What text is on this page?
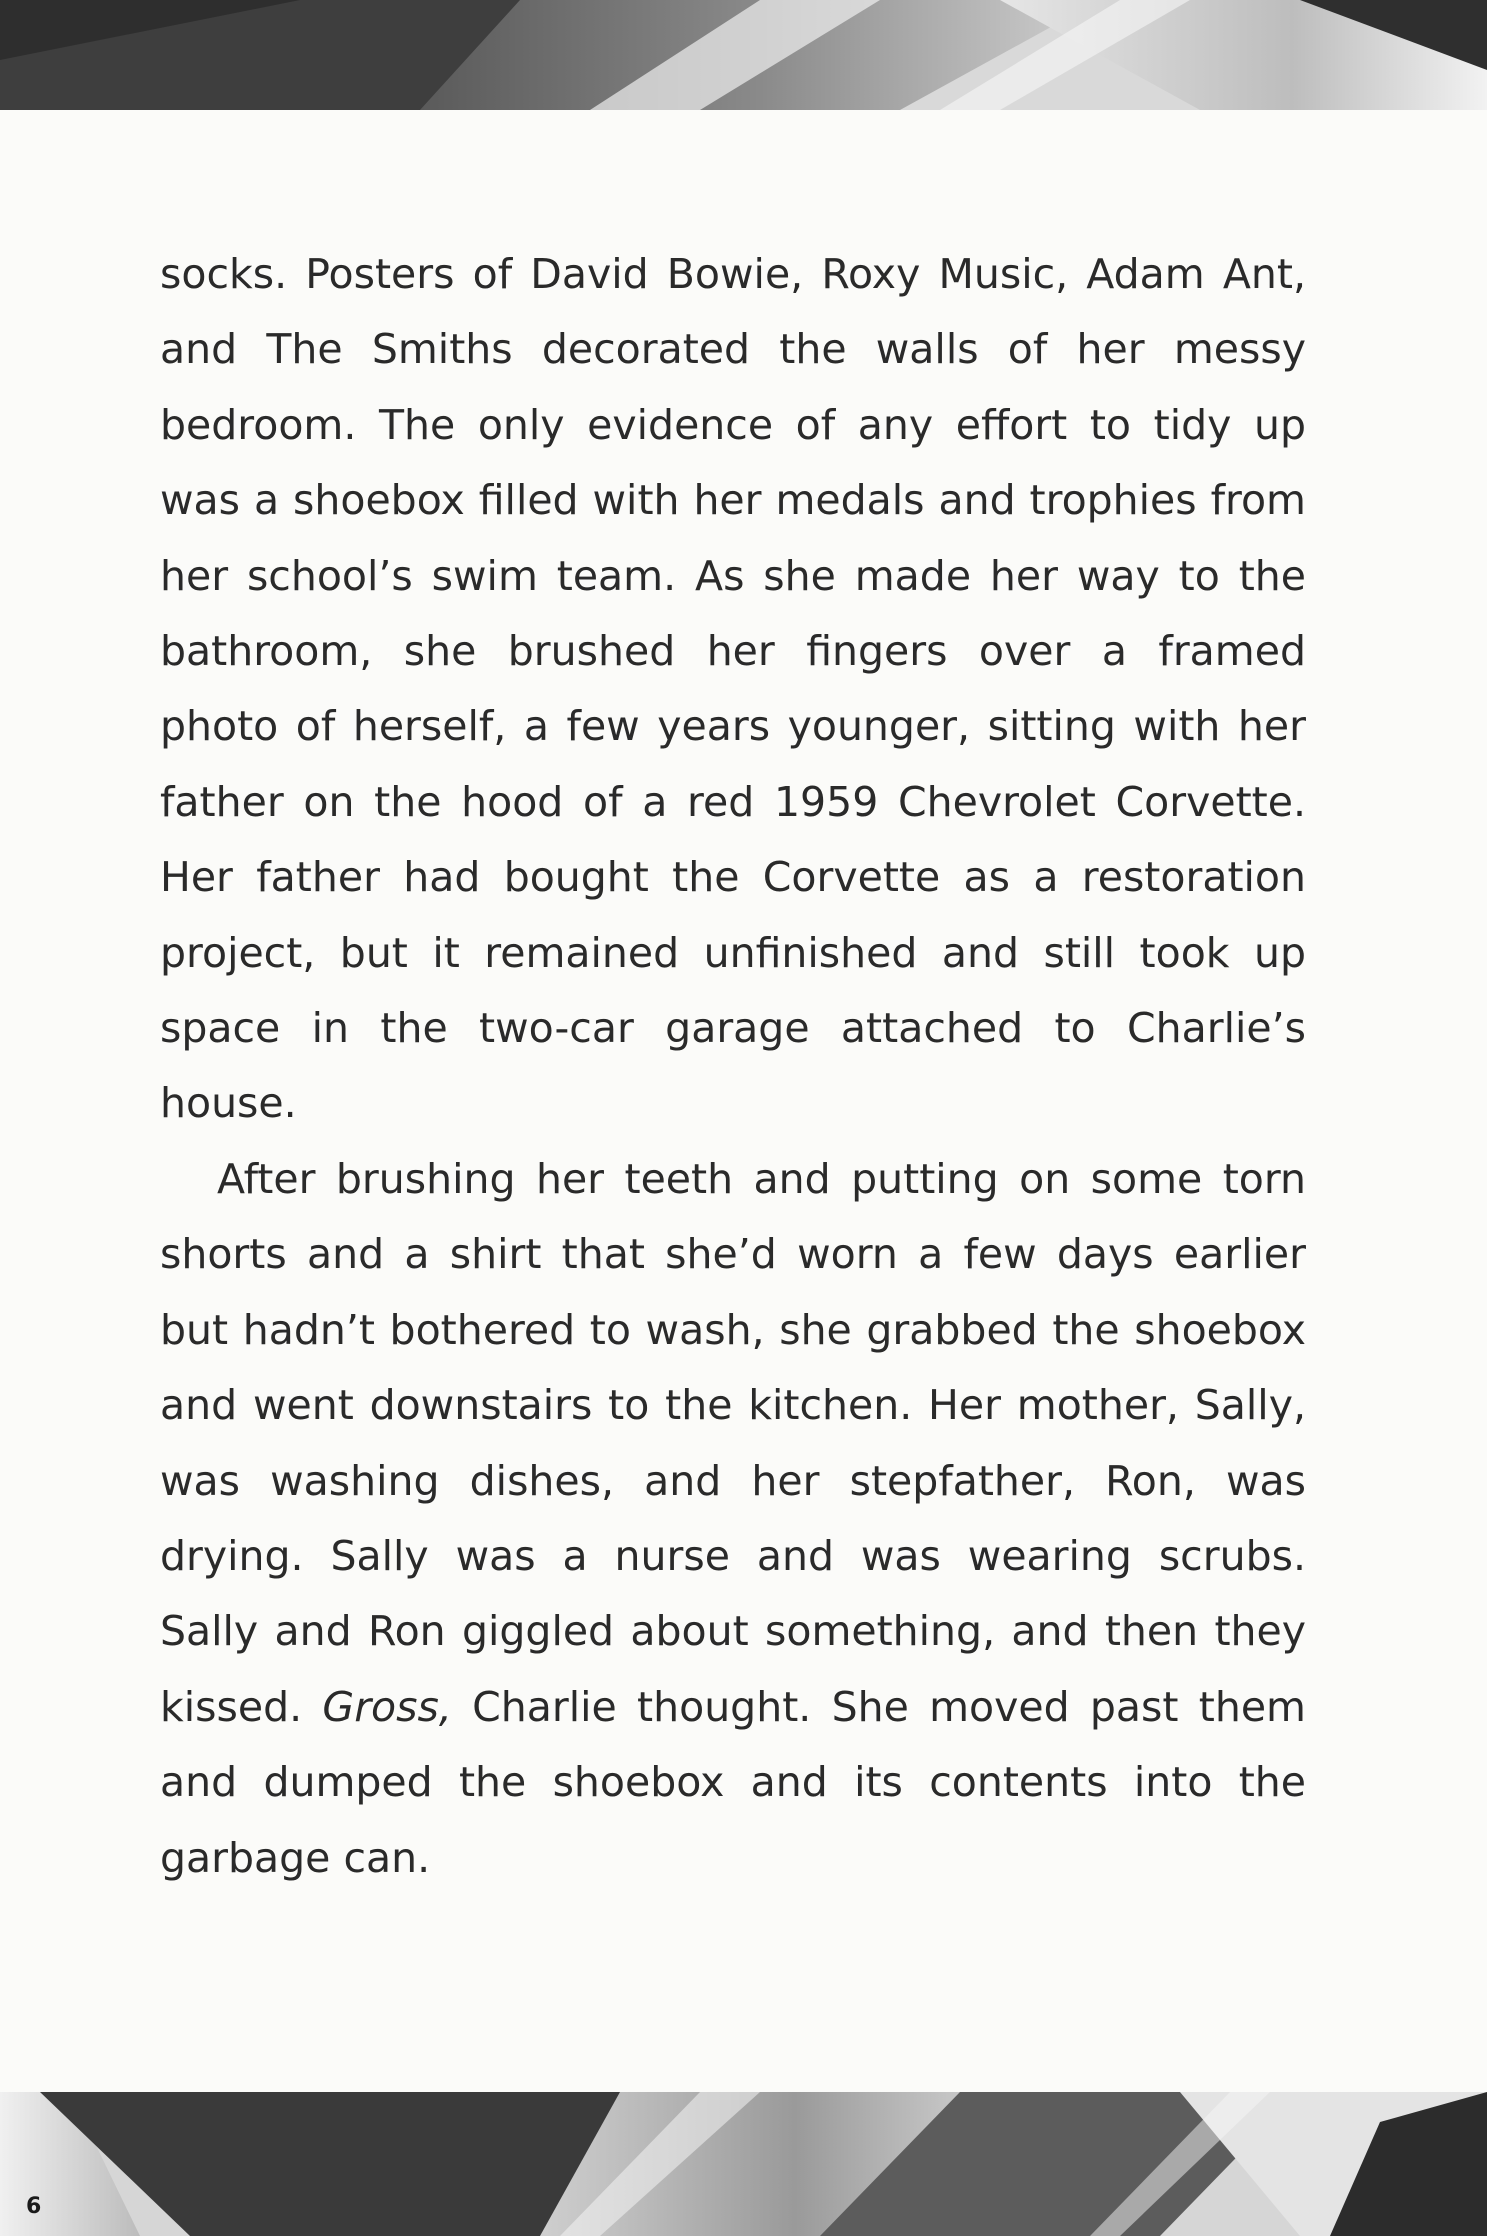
socks. Posters of David Bowie, Roxy Music, Adam Ant, and The Smiths decorated the walls of her messy bedroom. The only evidence of any effort to tidy up was a shoebox filled with her medals and trophies from her school’s swim team. As she made her way to the bathroom, she brushed her fingers over a framed photo of herself, a few years younger, sitting with her father on the hood of a red 1959 Chevrolet Corvette. Her father had bought the Corvette as a restoration project, but it remained unfinished and still took up space in the two-car garage attached to Charlie’s house.

After brushing her teeth and putting on some torn shorts and a shirt that she’d worn a few days earlier but hadn’t bothered to wash, she grabbed the shoebox and went downstairs to the kitchen. Her mother, Sally, was washing dishes, and her stepfather, Ron, was drying. Sally was a nurse and was wearing scrubs. Sally and Ron giggled about something, and then they kissed. Gross, Charlie thought. She moved past them and dumped the shoebox and its contents into the garbage can.

6
